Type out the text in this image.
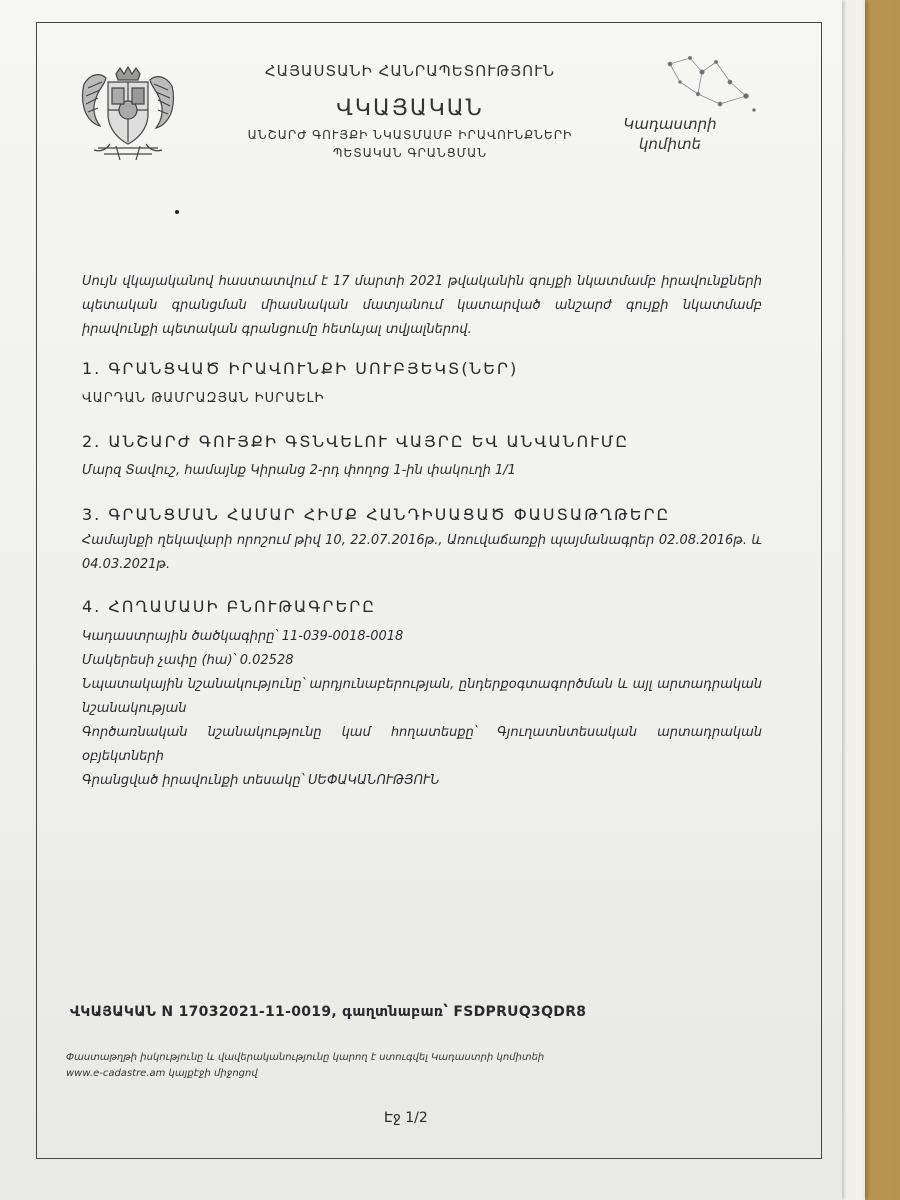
Կադաստրի
կոմիտե
ՀԱՅԱՍՏԱՆԻ ՀԱՆՐԱՊԵՏՈՒԹՅՈՒՆ
ՎԿԱՅԱԿԱՆ
ԱՆՇԱՐԺ ԳՈՒՅՔԻ ՆԿԱՏՄԱՄԲ ԻՐԱՎՈՒՆՔՆԵՐԻ
ՊԵՏԱԿԱՆ ԳՐԱՆՑՄԱՆ
Սույն վկայականով հաստատվում է 17 մարտի 2021 թվականին գույքի նկատմամբ իրավունքների պետական գրանցման միասնական մատյանում կատարված անշարժ գույքի նկատմամբ իրավունքի պետական գրանցումը հետևյալ տվյալներով.
1. ԳՐԱՆՑՎԱԾ ԻՐԱՎՈՒՆՔԻ ՍՈՒԲՅԵԿՏ(ՆԵՐ)
ՎԱՐԴԱՆ ԹԱՄՐԱԶՅԱՆ ԻՍՐԱԵԼԻ
2. ԱՆՇԱՐԺ ԳՈՒՅՔԻ ԳՏՆՎԵԼՈՒ ՎԱՅՐԸ ԵՎ ԱՆՎԱՆՈՒՄԸ
Մարզ Տավուշ, համայնք Կիրանց 2-րդ փողոց 1-ին փակուղի 1/1
3. ԳՐԱՆՑՄԱՆ ՀԱՄԱՐ ՀԻՄՔ ՀԱՆԴԻՍԱՑԱԾ ՓԱՍՏԱԹՂԹԵՐԸ
Համայնքի ղեկավարի որոշում թիվ 10, 22.07.2016թ., Առուվաճառքի պայմանագրեր 02.08.2016թ. և 04.03.2021թ.
4. ՀՈՂԱՄԱՍԻ ԲՆՈՒԹԱԳՐԵՐԸ
Կադաստրային ծածկագիրը՝ 11-039-0018-0018
Մակերեսի չափը (հա)՝ 0.02528
Նպատակային նշանակությունը՝ արդյունաբերության, ընդերքօգտագործման և այլ արտադրական նշանակության
Գործառնական նշանակությունը կամ հողատեսքը՝ Գյուղատնտեսական արտադրական օբյեկտների
Գրանցված իրավունքի տեսակը՝ ՍԵՓԱԿԱՆՈՒԹՅՈՒՆ
ՎԿԱՅԱԿԱՆ N 17032021-11-0019, գաղտնաբառ՝ FSDPRUQ3QDR8
Փաստաթղթի իսկությունը և վավերականությունը կարող է ստուգվել Կադաստրի կոմիտեի
www.e-cadastre.am կայքէջի միջոցով
Էջ 1/2
